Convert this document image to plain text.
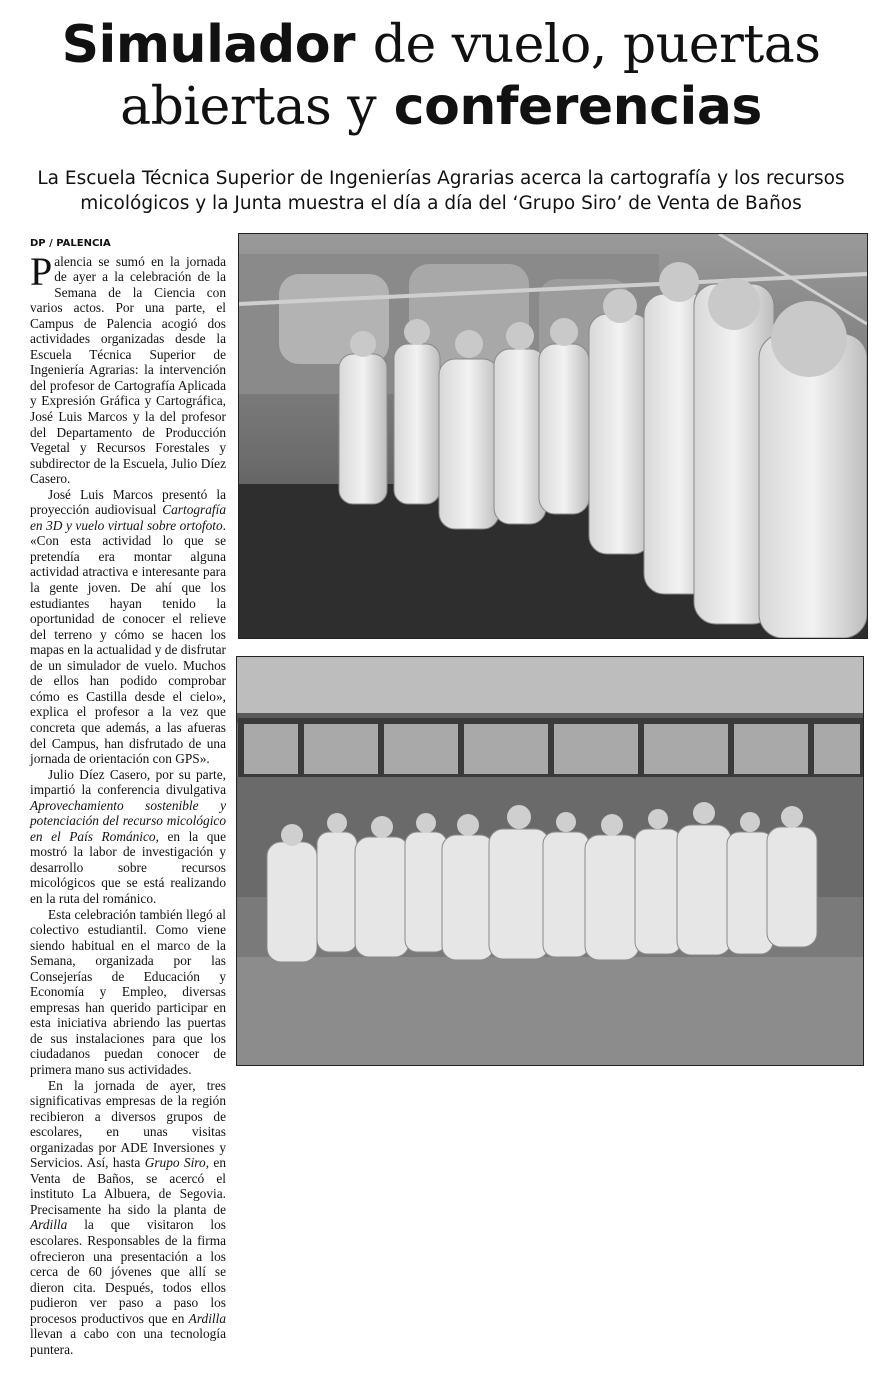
Simulador de vuelo, puertas
abiertas y conferencias
La Escuela Técnica Superior de Ingenierías Agrarias acerca la cartografía y los recursos micológicos y la Junta muestra el día a día del ‘Grupo Siro’ de Venta de Baños
DP / PALENCIA

Palencia se sumó en la jornada de ayer a la celebración de la Semana de la Ciencia con varios actos. Por una parte, el Campus de Palencia acogió dos actividades organizadas desde la Escuela Técnica Superior de Ingeniería Agrarias: la intervención del profesor de Cartografía Aplicada y Expresión Gráfica y Cartográfica, José Luis Marcos y la del profesor del Departamento de Producción Vegetal y Recursos Forestales y subdirector de la Escuela, Julio Díez Casero.

José Luis Marcos presentó la proyección audiovisual Cartografía en 3D y vuelo virtual sobre ortofoto. «Con esta actividad lo que se pretendía era montar alguna actividad atractiva e interesante para la gente joven. De ahí que los estudiantes hayan tenido la oportunidad de conocer el relieve del terreno y cómo se hacen los mapas en la actualidad y de disfrutar de un simulador de vuelo. Muchos de ellos han podido comprobar cómo es Castilla desde el cielo», explica el profesor a la vez que concreta que además, a las afueras del Campus, han disfrutado de una jornada de orientación con GPS».

Julio Díez Casero, por su parte, impartió la conferencia divulgativa Aprovechamiento sostenible y potenciación del recurso micológico en el País Románico, en la que mostró la labor de investigación y desarrollo sobre recursos micológicos que se está realizando en la ruta del románico.

Esta celebración también llegó al colectivo estudiantil. Como viene siendo habitual en el marco de la Semana, organizada por las Consejerías de Educación y Economía y Empleo, diversas empresas han querido participar en esta iniciativa abriendo las puertas de sus instalaciones para que los ciudadanos puedan conocer de primera mano sus actividades.

En la jornada de ayer, tres significativas empresas de la región recibieron a diversos grupos de escolares, en unas visitas organizadas por ADE Inversiones y Servicios. Así, hasta Grupo Siro, en Venta de Baños, se acercó el instituto La Albuera, de Segovia. Precisamente ha sido la planta de Ardilla la que visitaron los escolares. Responsables de la firma ofrecieron una presentación a los cerca de 60 jóvenes que allí se dieron cita. Después, todos ellos pudieron ver paso a paso los procesos productivos que en Ardilla llevan a cabo con una tecnología puntera.
